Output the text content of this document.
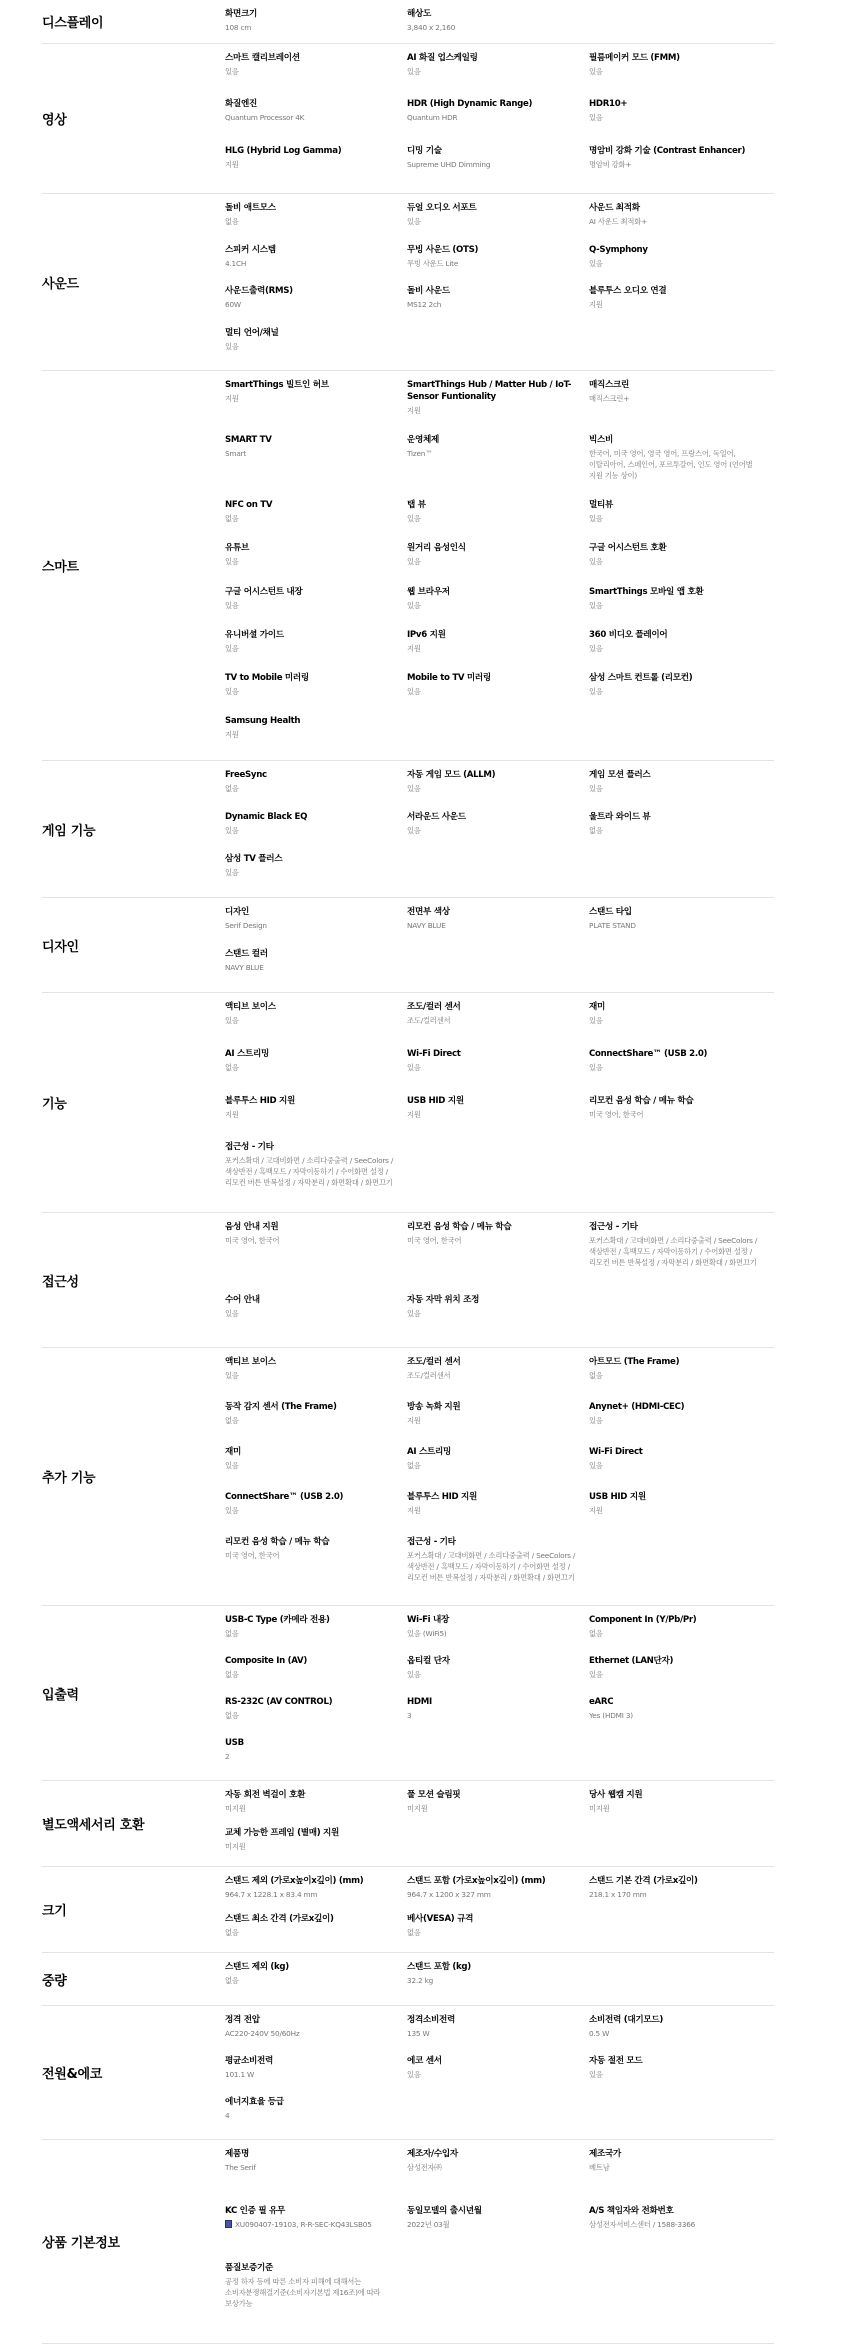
디스플레이
화면크기
108 cm
해상도
3,840 x 2,160
영상
스마트 캘리브레이션
있음
AI 화질 업스케일링
있음
필름메이커 모드 (FMM)
있음
화질엔진
Quantum Processor 4K
HDR (High Dynamic Range)
Quantum HDR
HDR10+
있음
HLG (Hybrid Log Gamma)
지원
디밍 기술
Supreme UHD Dimming
명암비 강화 기술 (Contrast Enhancer)
명암비 강화+
사운드
돌비 애트모스
없음
듀얼 오디오 서포트
있음
사운드 최적화
AI 사운드 최적화+
스피커 시스템
4.1CH
무빙 사운드 (OTS)
무빙 사운드 Lite
Q-Symphony
있음
사운드출력(RMS)
60W
돌비 사운드
MS12 2ch
블루투스 오디오 연결
지원
멀티 언어/채널
있음
스마트
SmartThings 빌트인 허브
지원
SmartThings Hub / Matter Hub / IoT-Sensor Funtionality
지원
매직스크린
매직스크린+
SMART TV
Smart
운영체제
Tizen™
빅스비
한국어, 미국 영어, 영국 영어, 프랑스어, 독일어, 이탈리아어, 스페인어, 포르투갈어, 인도 영어 (언어별 지원 기능 상이)
NFC on TV
없음
탭 뷰
있음
멀티뷰
있음
유튜브
있음
원거리 음성인식
있음
구글 어시스턴트 호환
있음
구글 어시스턴트 내장
있음
웹 브라우저
있음
SmartThings 모바일 앱 호환
있음
유니버셜 가이드
있음
IPv6 지원
지원
360 비디오 플레이어
있음
TV to Mobile 미러링
있음
Mobile to TV 미러링
있음
삼성 스마트 컨트롤 (리모컨)
있음
Samsung Health
지원
게임 기능
FreeSync
없음
자동 게임 모드 (ALLM)
있음
게임 모션 플러스
있음
Dynamic Black EQ
있음
서라운드 사운드
있음
울트라 와이드 뷰
없음
삼성 TV 플러스
있음
디자인
디자인
Serif Design
전면부 색상
NAVY BLUE
스탠드 타입
PLATE STAND
스탠드 컬러
NAVY BLUE
기능
액티브 보이스
있음
조도/컬러 센서
조도/컬러센서
재미
있음
AI 스트리밍
없음
Wi-Fi Direct
있음
ConnectShare™ (USB 2.0)
있음
블루투스 HID 지원
지원
USB HID 지원
지원
리모컨 음성 학습 / 메뉴 학습
미국 영어, 한국어
접근성 - 기타
포커스확대 / 고대비화면 / 소리다중출력 / SeeColors / 색상반전 / 흑백모드 / 자막이동하기 / 수어화면 설정 / 리모컨 버튼 반복설정 / 자막분리 / 화면확대 / 화면끄기
접근성
음성 안내 지원
미국 영어, 한국어
리모컨 음성 학습 / 메뉴 학습
미국 영어, 한국어
접근성 - 기타
포커스확대 / 고대비화면 / 소리다중출력 / SeeColors / 색상반전 / 흑백모드 / 자막이동하기 / 수어화면 설정 / 리모컨 버튼 반복설정 / 자막분리 / 화면확대 / 화면끄기
수어 안내
있음
자동 자막 위치 조정
있음
추가 기능
액티브 보이스
있음
조도/컬러 센서
조도/컬러센서
아트모드 (The Frame)
없음
동작 감지 센서 (The Frame)
없음
방송 녹화 지원
지원
Anynet+ (HDMI-CEC)
있음
재미
있음
AI 스트리밍
없음
Wi-Fi Direct
있음
ConnectShare™ (USB 2.0)
있음
블루투스 HID 지원
지원
USB HID 지원
지원
리모컨 음성 학습 / 메뉴 학습
미국 영어, 한국어
접근성 - 기타
포커스확대 / 고대비화면 / 소리다중출력 / SeeColors / 색상반전 / 흑백모드 / 자막이동하기 / 수어화면 설정 / 리모컨 버튼 반복설정 / 자막분리 / 화면확대 / 화면끄기
입출력
USB-C Type (카메라 전용)
없음
Wi-Fi 내장
있음 (WiFi5)
Component In (Y/Pb/Pr)
없음
Composite In (AV)
없음
옵티컬 단자
있음
Ethernet (LAN단자)
있음
RS-232C (AV CONTROL)
없음
HDMI
3
eARC
Yes (HDMI 3)
USB
2
별도액세서리 호환
자동 회전 벽걸이 호환
미지원
풀 모션 슬림핏
미지원
당사 웹캠 지원
미지원
교체 가능한 프레임 (별매) 지원
미지원
크기
스탠드 제외 (가로x높이x깊이) (mm)
964.7 x 1228.1 x 83.4 mm
스탠드 포함 (가로x높이x깊이) (mm)
964.7 x 1200 x 327 mm
스탠드 기본 간격 (가로x깊이)
218.1 x 170 mm
스탠드 최소 간격 (가로x깊이)
없음
베사(VESA) 규격
없음
중량
스탠드 제외 (kg)
없음
스탠드 포함 (kg)
32.2 kg
전원&에코
정격 전압
AC220-240V 50/60Hz
정격소비전력
135 W
소비전력 (대기모드)
0.5 W
평균소비전력
101.1 W
에코 센서
있음
자동 절전 모드
있음
에너지효율 등급
4
상품 기본정보
제품명
The Serif
제조자/수입자
삼성전자㈜
제조국가
베트남
KC 인증 필 유무
XU090407-19103, R-R-SEC-KQ43LSB05
동일모델의 출시년월
2022년 03월
A/S 책임자와 전화번호
삼성전자서비스센터 / 1588-3366
품질보증기준
공정 하자 등에 따른 소비자 피해에 대해서는 소비자분쟁해결기준(소비자기본법 제16조)에 따라 보상가능
